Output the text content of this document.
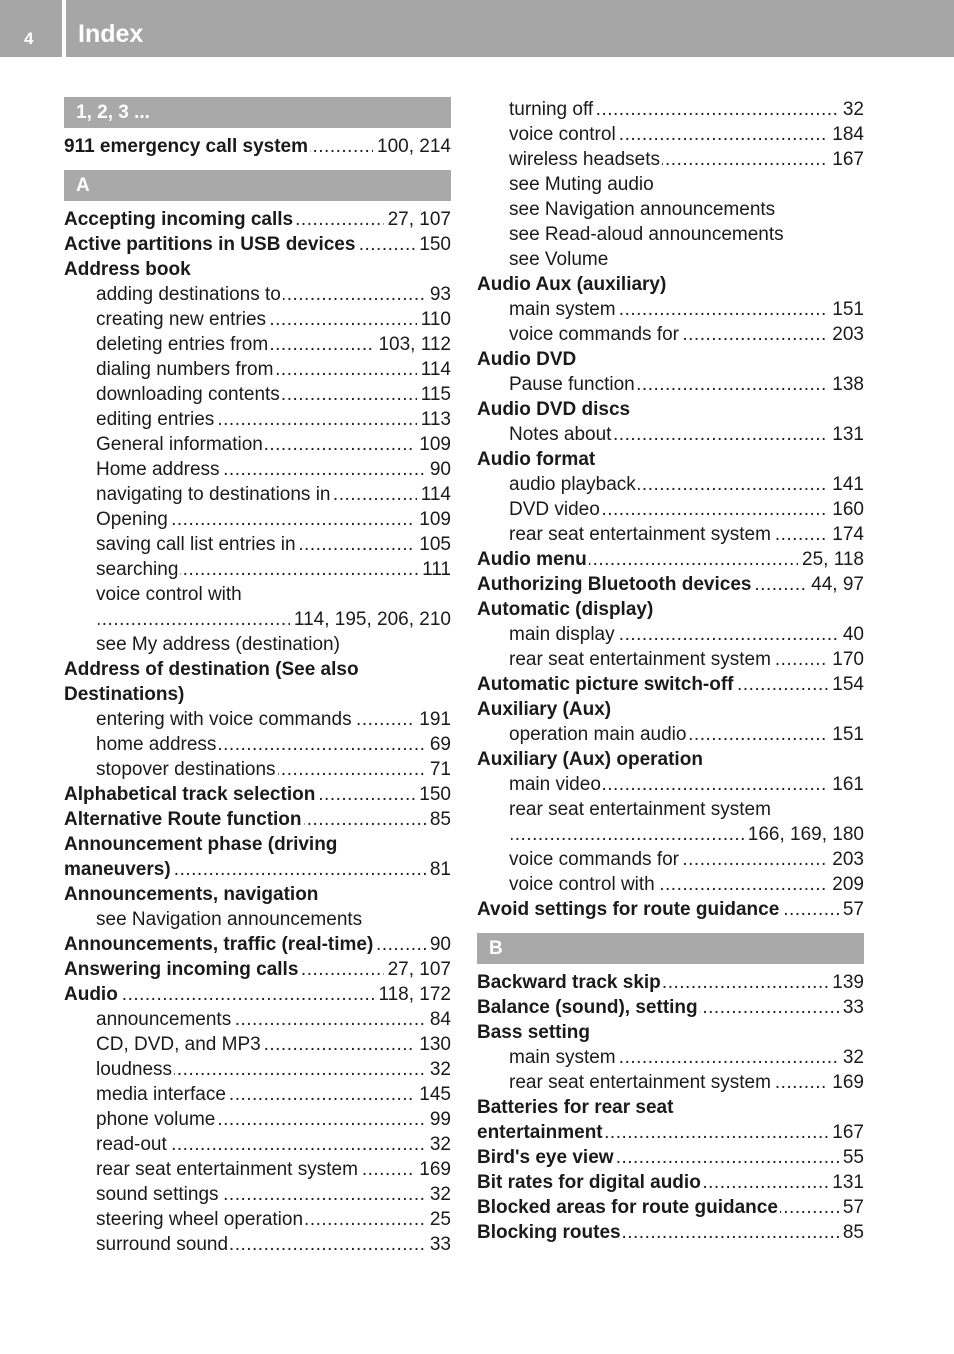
4 Index
1, 2, 3 ...
911 emergency call system	100, 214
.....
A
Accepting incoming calls	27, 107
.....
Active partitions in USB devices	150
.....
Address book
adding destinations to	93
.....
creating new entries	110
.....
deleting entries from	103, 112
.....
dialing numbers from	114
.....
downloading contents	115
.....
editing entries	113
.....
General information	109
.....
Home address	90
.....
navigating to destinations in	114
.....
Opening	109
.....
saving call list entries in	105
.....
searching	111
.....
voice control with
114, 195, 206, 210
.....
see My address (destination)
Address of destination (See also
Destinations)
entering with voice commands	191
.....
home address	69
.....
stopover destinations	71
.....
Alphabetical track selection	150
.....
Alternative Route function	85
.....
Announcement phase (driving
maneuvers)	81
.....
Announcements, navigation
see Navigation announcements
Announcements, traffic (real-time)	90
.....
Answering incoming calls	27, 107
.....
Audio	118, 172
.....
announcements	84
.....
CD, DVD, and MP3	130
.....
loudness	32
.....
media interface	145
.....
phone volume	99
.....
read-out	32
.....
rear seat entertainment system	169
.....
sound settings	32
.....
steering wheel operation	25
.....
surround sound	33
.....
turning off	32
.....
voice control	184
.....
wireless headsets	167
.....
see Muting audio
see Navigation announcements
see Read-aloud announcements
see Volume
Audio Aux (auxiliary)
main system	151
.....
voice commands for	203
.....
Audio DVD
Pause function	138
.....
Audio DVD discs
Notes about	131
.....
Audio format
audio playback	141
.....
DVD video	160
.....
rear seat entertainment system	174
.....
Audio menu	25, 118
.....
Authorizing Bluetooth devices	44, 97
.....
Automatic (display)
main display	40
.....
rear seat entertainment system	170
.....
Automatic picture switch-off	154
.....
Auxiliary (Aux)
operation main audio	151
.....
Auxiliary (Aux) operation
main video	161
.....
rear seat entertainment system
166, 169, 180
.....
voice commands for	203
.....
voice control with	209
.....
Avoid settings for route guidance	57
.....
B
Backward track skip	139
.....
Balance (sound), setting	33
.....
Bass setting
main system	32
.....
rear seat entertainment system	169
.....
Batteries for rear seat
entertainment	167
.....
Bird's eye view	55
.....
Bit rates for digital audio	131
.....
Blocked areas for route guidance	57
.....
Blocking routes	85
.....
